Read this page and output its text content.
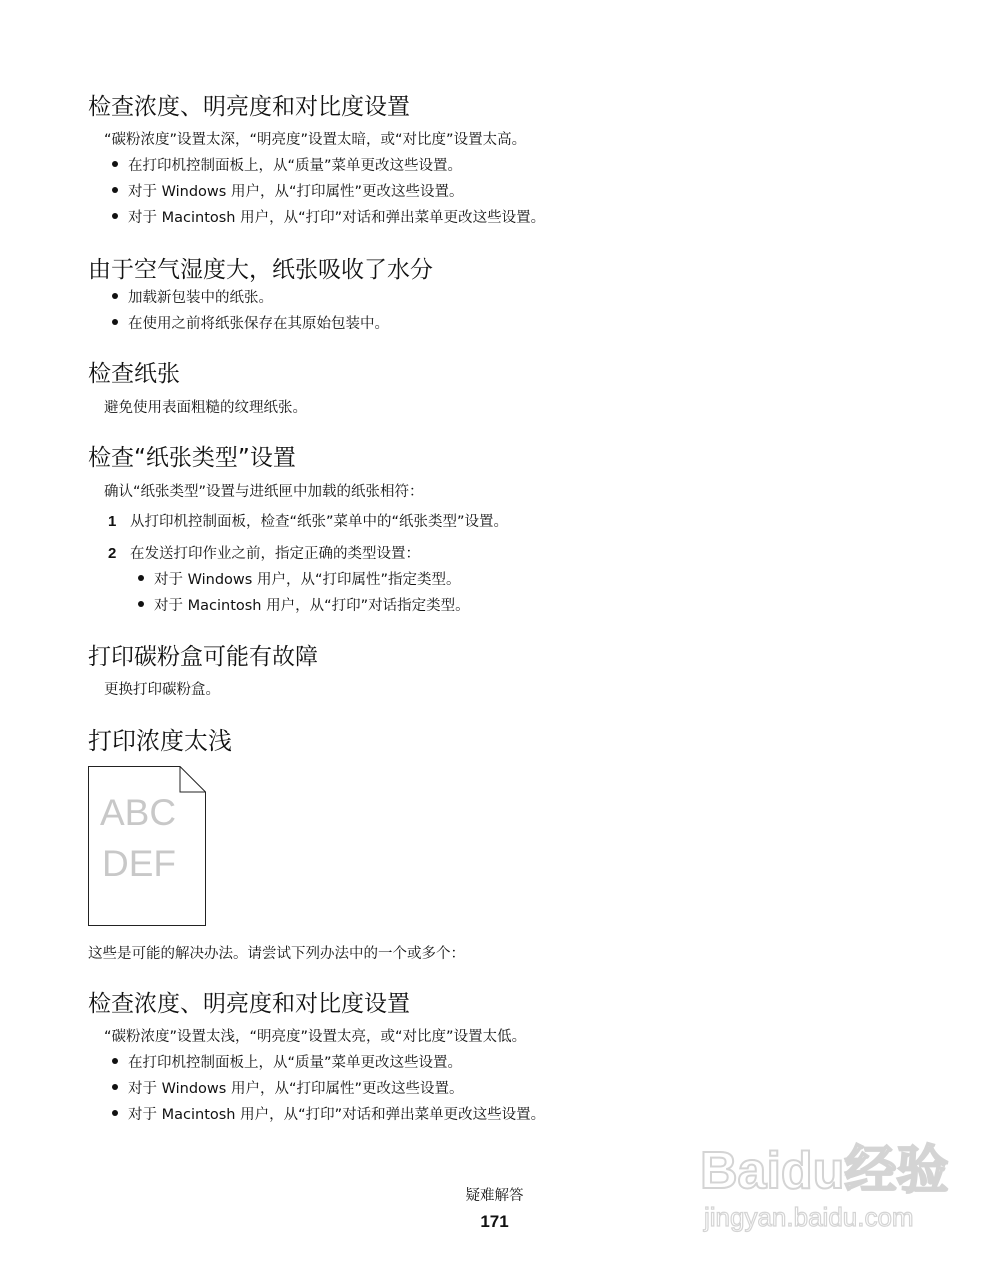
检查浓度、明亮度和对比度设置
“碳粉浓度”设置太深，“明亮度”设置太暗，或“对比度”设置太高。
在打印机控制面板上，从“质量”菜单更改这些设置。
对于 Windows 用户，从“打印属性”更改这些设置。
对于 Macintosh 用户，从“打印”对话和弹出菜单更改这些设置。
由于空气湿度大，纸张吸收了水分
加载新包装中的纸张。
在使用之前将纸张保存在其原始包装中。
检查纸张
避免使用表面粗糙的纹理纸张。
检查“纸张类型”设置
确认“纸张类型”设置与进纸匣中加载的纸张相符：
1 从打印机控制面板，检查“纸张”菜单中的“纸张类型”设置。
2 在发送打印作业之前，指定正确的类型设置：
对于 Windows 用户，从“打印属性”指定类型。
对于 Macintosh 用户，从“打印”对话指定类型。
打印碳粉盒可能有故障
更换打印碳粉盒。
打印浓度太浅
ABC
DEF
这些是可能的解决办法。请尝试下列办法中的一个或多个：
检查浓度、明亮度和对比度设置
“碳粉浓度”设置太浅，“明亮度”设置太亮，或“对比度”设置太低。
在打印机控制面板上，从“质量”菜单更改这些设置。
对于 Windows 用户，从“打印属性”更改这些设置。
对于 Macintosh 用户，从“打印”对话和弹出菜单更改这些设置。
疑难解答
171
Baidu经验
jingyan.baidu.com
